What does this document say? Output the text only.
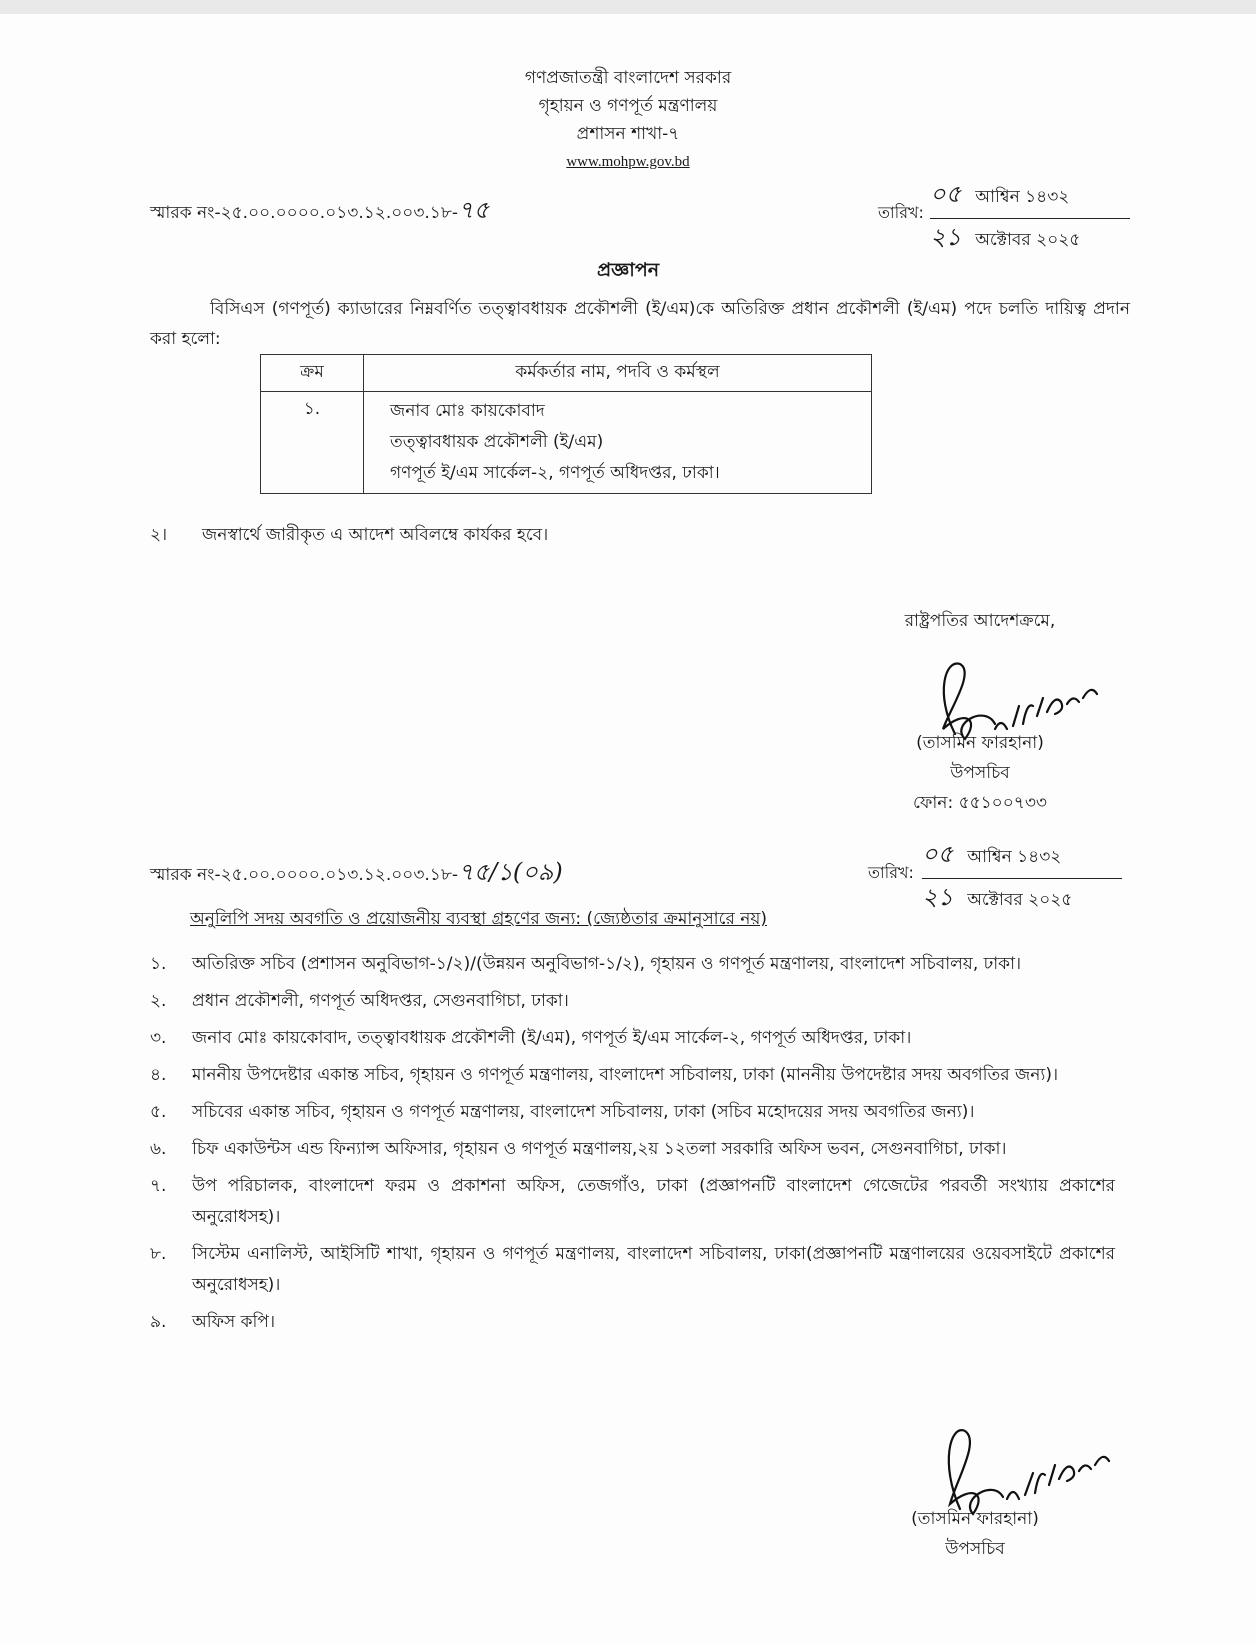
গণপ্রজাতন্ত্রী বাংলাদেশ সরকার
গৃহায়ন ও গণপূর্ত মন্ত্রণালয়
প্রশাসন শাখা-৭
www.mohpw.gov.bd
স্মারক নং-২৫.০০.০০০০.০১৩.১২.০০৩.১৮-৭৫	তারিখ:
০৫ আশ্বিন ১৪৩২
২১ অক্টোবর ২০২৫
প্রজ্ঞাপন
বিসিএস (গণপূর্ত) ক্যাডারের নিম্নবর্ণিত তত্ত্বাবধায়ক প্রকৌশলী (ই/এম)কে অতিরিক্ত প্রধান প্রকৌশলী (ই/এম) পদে চলতি দায়িত্ব প্রদান করা হলো:
ক্রম	কর্মকর্তার নাম, পদবি ও কর্মস্থল
১.	জনাব মোঃ কায়কোবাদ
তত্ত্বাবধায়ক প্রকৌশলী (ই/এম)
গণপূর্ত ই/এম সার্কেল-২, গণপূর্ত অধিদপ্তর, ঢাকা।
২। জনস্বার্থে জারীকৃত এ আদেশ অবিলম্বে কার্যকর হবে।
রাষ্ট্রপতির আদেশক্রমে,
(তাসমিন ফারহানা)
উপসচিব
ফোন: ৫৫১০০৭৩৩
স্মারক নং-২৫.০০.০০০০.০১৩.১২.০০৩.১৮-৭৫/১(০৯)	তারিখ:
০৫ আশ্বিন ১৪৩২
২১ অক্টোবর ২০২৫
অনুলিপি সদয় অবগতি ও প্রয়োজনীয় ব্যবস্থা গ্রহণের জন্য: (জ্যেষ্ঠতার ক্রমানুসারে নয়)
১.	অতিরিক্ত সচিব (প্রশাসন অনুবিভাগ-১/২)/(উন্নয়ন অনুবিভাগ-১/২), গৃহায়ন ও গণপূর্ত মন্ত্রণালয়, বাংলাদেশ সচিবালয়, ঢাকা।
২.	প্রধান প্রকৌশলী, গণপূর্ত অধিদপ্তর, সেগুনবাগিচা, ঢাকা।
৩.	জনাব মোঃ কায়কোবাদ, তত্ত্বাবধায়ক প্রকৌশলী (ই/এম), গণপূর্ত ই/এম সার্কেল-২, গণপূর্ত অধিদপ্তর, ঢাকা।
৪.	মাননীয় উপদেষ্টার একান্ত সচিব, গৃহায়ন ও গণপূর্ত মন্ত্রণালয়, বাংলাদেশ সচিবালয়, ঢাকা (মাননীয় উপদেষ্টার সদয় অবগতির জন্য)।
৫.	সচিবের একান্ত সচিব, গৃহায়ন ও গণপূর্ত মন্ত্রণালয়, বাংলাদেশ সচিবালয়, ঢাকা (সচিব মহোদয়ের সদয় অবগতির জন্য)।
৬.	চিফ একাউন্টস এন্ড ফিন্যান্স অফিসার, গৃহায়ন ও গণপূর্ত মন্ত্রণালয়,২য় ১২তলা সরকারি অফিস ভবন, সেগুনবাগিচা, ঢাকা।
৭.	উপ পরিচালক, বাংলাদেশ ফরম ও প্রকাশনা অফিস, তেজগাঁও, ঢাকা (প্রজ্ঞাপনটি বাংলাদেশ গেজেটের পরবর্তী সংখ্যায় প্রকাশের অনুরোধসহ)।
৮.	সিস্টেম এনালিস্ট, আইসিটি শাখা, গৃহায়ন ও গণপূর্ত মন্ত্রণালয়, বাংলাদেশ সচিবালয়, ঢাকা(প্রজ্ঞাপনটি মন্ত্রণালয়ের ওয়েবসাইটে প্রকাশের অনুরোধসহ)।
৯.	অফিস কপি।
(তাসমিন ফারহানা)
উপসচিব
